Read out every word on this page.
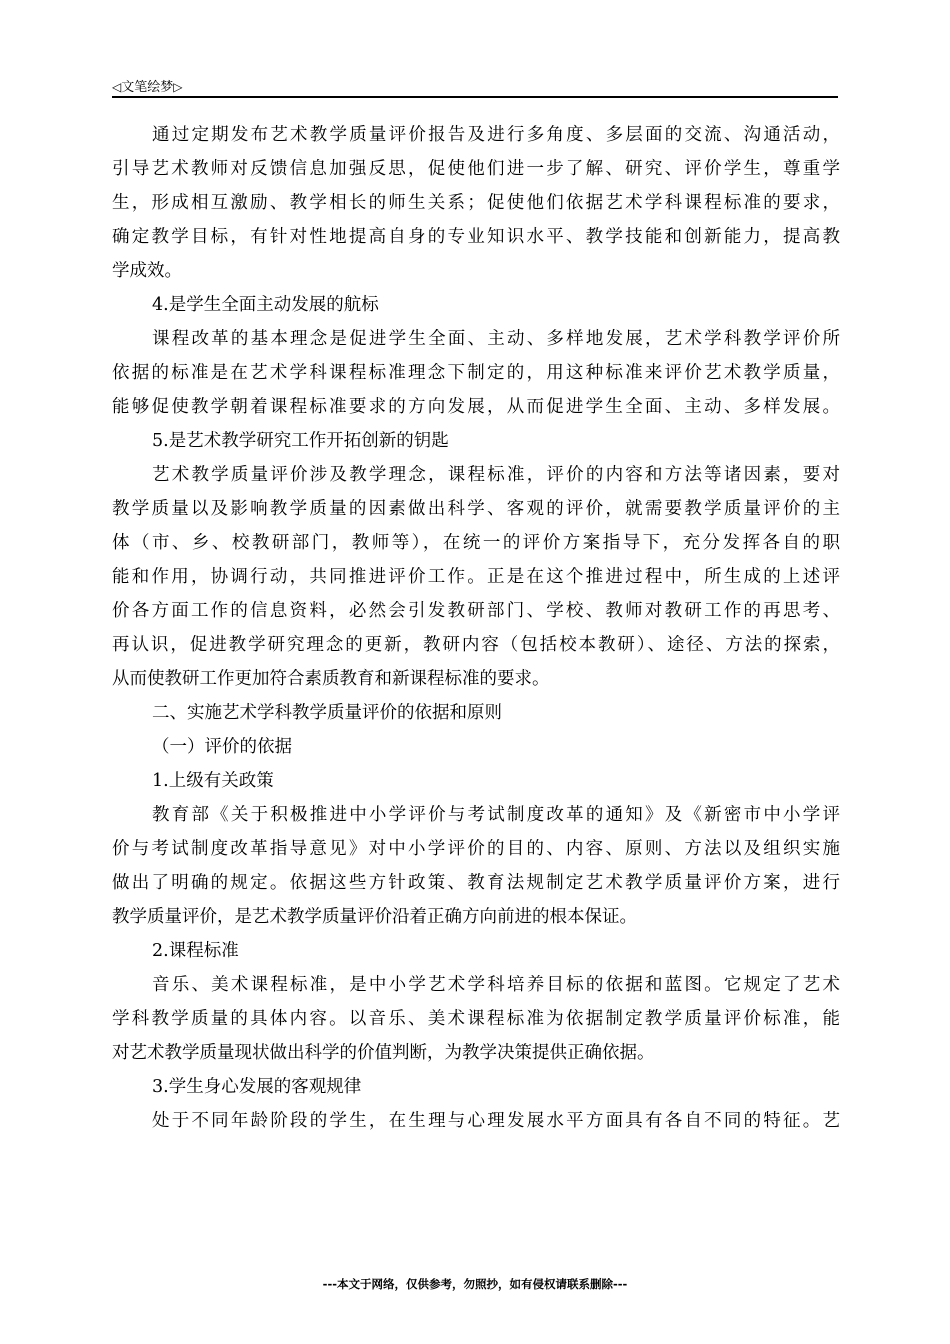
◁文笔绘梦▷
通过定期发布艺术教学质量评价报告及进行多角度、多层面的交流、沟通活动，
引导艺术教师对反馈信息加强反思，促使他们进一步了解、研究、评价学生，尊重学
生，形成相互激励、教学相长的师生关系；促使他们依据艺术学科课程标准的要求，
确定教学目标，有针对性地提高自身的专业知识水平、教学技能和创新能力，提高教
学成效。
4.是学生全面主动发展的航标
课程改革的基本理念是促进学生全面、主动、多样地发展，艺术学科教学评价所
依据的标准是在艺术学科课程标准理念下制定的，用这种标准来评价艺术教学质量，
能够促使教学朝着课程标准要求的方向发展，从而促进学生全面、主动、多样发展。
5.是艺术教学研究工作开拓创新的钥匙
艺术教学质量评价涉及教学理念，课程标准，评价的内容和方法等诸因素，要对
教学质量以及影响教学质量的因素做出科学、客观的评价，就需要教学质量评价的主
体（市、乡、校教研部门，教师等），在统一的评价方案指导下，充分发挥各自的职
能和作用，协调行动，共同推进评价工作。正是在这个推进过程中，所生成的上述评
价各方面工作的信息资料，必然会引发教研部门、学校、教师对教研工作的再思考、
再认识，促进教学研究理念的更新，教研内容（包括校本教研）、途径、方法的探索，
从而使教研工作更加符合素质教育和新课程标准的要求。
二、实施艺术学科教学质量评价的依据和原则
（一）评价的依据
1.上级有关政策
教育部《关于积极推进中小学评价与考试制度改革的通知》及《新密市中小学评
价与考试制度改革指导意见》对中小学评价的目的、内容、原则、方法以及组织实施
做出了明确的规定。依据这些方针政策、教育法规制定艺术教学质量评价方案，进行
教学质量评价，是艺术教学质量评价沿着正确方向前进的根本保证。
2.课程标准
音乐、美术课程标准，是中小学艺术学科培养目标的依据和蓝图。它规定了艺术
学科教学质量的具体内容。以音乐、美术课程标准为依据制定教学质量评价标准，能
对艺术教学质量现状做出科学的价值判断，为教学决策提供正确依据。
3.学生身心发展的客观规律
处于不同年龄阶段的学生，在生理与心理发展水平方面具有各自不同的特征。艺
---本文于网络，仅供参考，勿照抄，如有侵权请联系删除---
